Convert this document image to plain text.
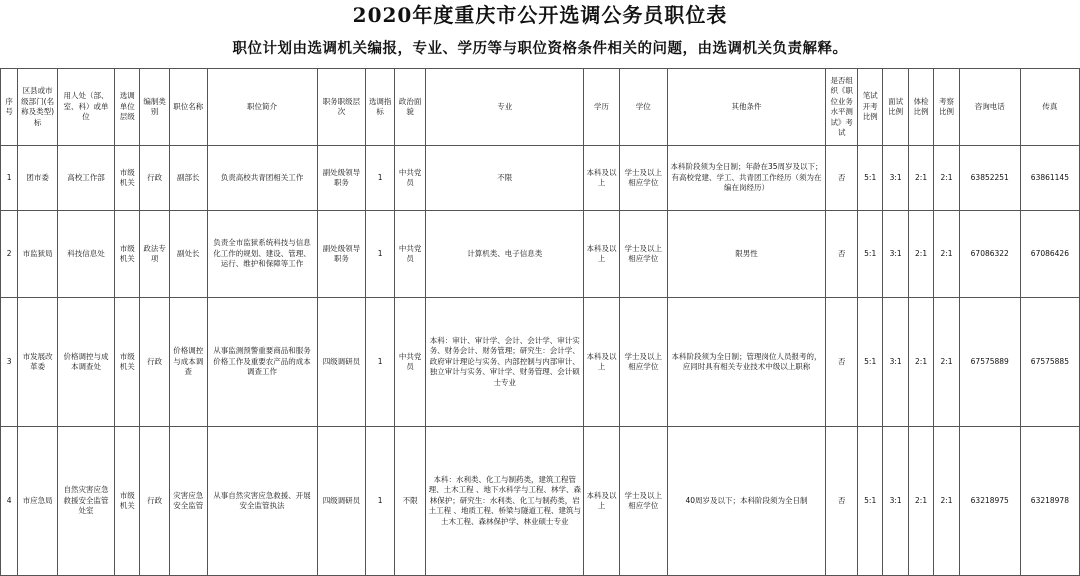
2020年度重庆市公开选调公务员职位表
职位计划由选调机关编报，专业、学历等与职位资格条件相关的问题，由选调机关负责解释。
序号	区县或市级部门(名称及类型)标	用人处（部、室、科）或单位	选调单位层级	编制类别	职位名称	职位简介	职务职级层次	选调指标	政治面貌	专业	学历	学位	其他条件	是否组织《职位业务水平测试》考试	笔试开考比例	面试比例	体检比例	考察比例	咨询电话	传真
1	团市委	高校工作部	市级机关	行政	副部长	负责高校共青团相关工作	副处级领导职务	1	中共党员	不限	本科及以上	学士及以上相应学位	本科阶段须为全日制；年龄在35周岁及以下；有高校党建、学工、共青团工作经历（须为在编在岗经历）	否	5:1	3:1	2:1	2:1	63852251	63861145
2	市监狱局	科技信息处	市级机关	政法专项	副处长	负责全市监狱系统科技与信息化工作的规划、建设、管理、运行、维护和保障等工作	副处级领导职务	1	中共党员	计算机类、电子信息类	本科及以上	学士及以上相应学位	限男性	否	5:1	3:1	2:1	2:1	67086322	67086426
3	市发展改革委	价格调控与成本调查处	市级机关	行政	价格调控与成本调查	从事监测预警重要商品和服务价格工作及重要农产品的成本调查工作	四级调研员	1	中共党员	本科：审计、审计学、会计、会计学、审计实务、财务会计、财务管理；研究生：会计学、政府审计理论与实务、内部控制与内部审计、独立审计与实务、审计学、财务管理、会计硕士专业	本科及以上	学士及以上相应学位	本科阶段须为全日制；管理岗位人员报考的，应同时具有相关专业技术中级以上职称	否	5:1	3:1	2:1	2:1	67575889	67575885
4	市应急局	自然灾害应急救援安全监管处室	市级机关	行政	灾害应急安全监管	从事自然灾害应急救援、开展安全监管执法	四级调研员	1	不限	本科：水利类、化工与制药类，建筑工程管理、土木工程 、地下水科学与工程、林学、森林保护；研究生：水利类、化工与制药类，岩土工程 、地质工程、桥梁与隧道工程、建筑与土木工程、森林保护学、林业硕士专业	本科及以上	学士及以上相应学位	40周岁及以下；本科阶段须为全日制	否	5:1	3:1	2:1	2:1	63218975	63218978
